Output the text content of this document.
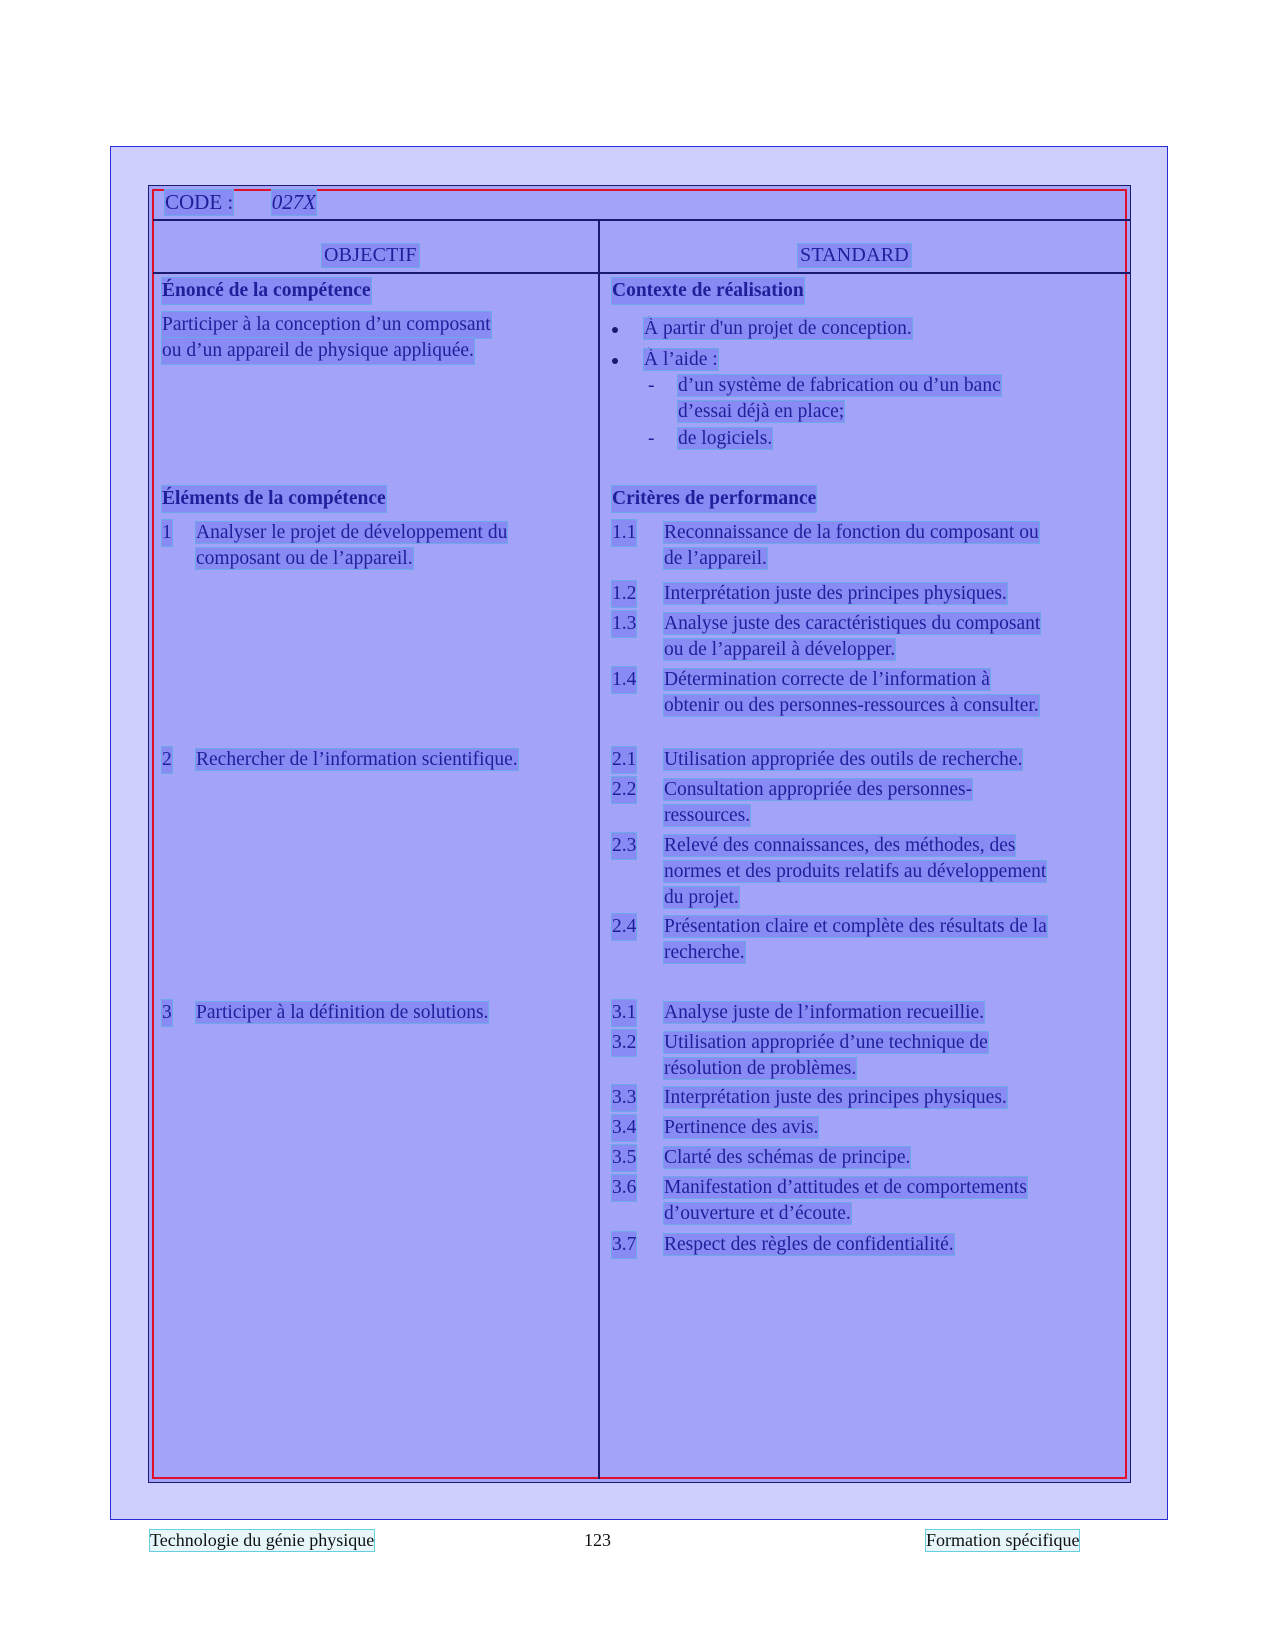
CODE : 027X
OBJECTIF	STANDARD
Énoncé de la compétence
Participer à la conception d’un composant
ou d’un appareil de physique appliquée.
Éléments de la compétence
1 Analyser le projet de développement du
composant ou de l’appareil.
2 Rechercher de l’information scientifique.
3 Participer à la définition de solutions.
Contexte de réalisation
À partir d'un projet de conception.
À l’aide :
- d’un système de fabrication ou d’un banc
d’essai déjà en place;
- de logiciels.
Critères de performance
1.1 Reconnaissance de la fonction du composant ou
de l’appareil.
1.2 Interprétation juste des principes physiques.
1.3 Analyse juste des caractéristiques du composant
ou de l’appareil à développer.
1.4 Détermination correcte de l’information à
obtenir ou des personnes-ressources à consulter.
2.1 Utilisation appropriée des outils de recherche.
2.2 Consultation appropriée des personnes-
ressources.
2.3 Relevé des connaissances, des méthodes, des
normes et des produits relatifs au développement
du projet.
2.4 Présentation claire et complète des résultats de la
recherche.
3.1 Analyse juste de l’information recueillie.
3.2 Utilisation appropriée d’une technique de
résolution de problèmes.
3.3 Interprétation juste des principes physiques.
3.4 Pertinence des avis.
3.5 Clarté des schémas de principe.
3.6 Manifestation d’attitudes et de comportements
d’ouverture et d’écoute.
3.7 Respect des règles de confidentialité.
Technologie du génie physique	123	Formation spécifique
